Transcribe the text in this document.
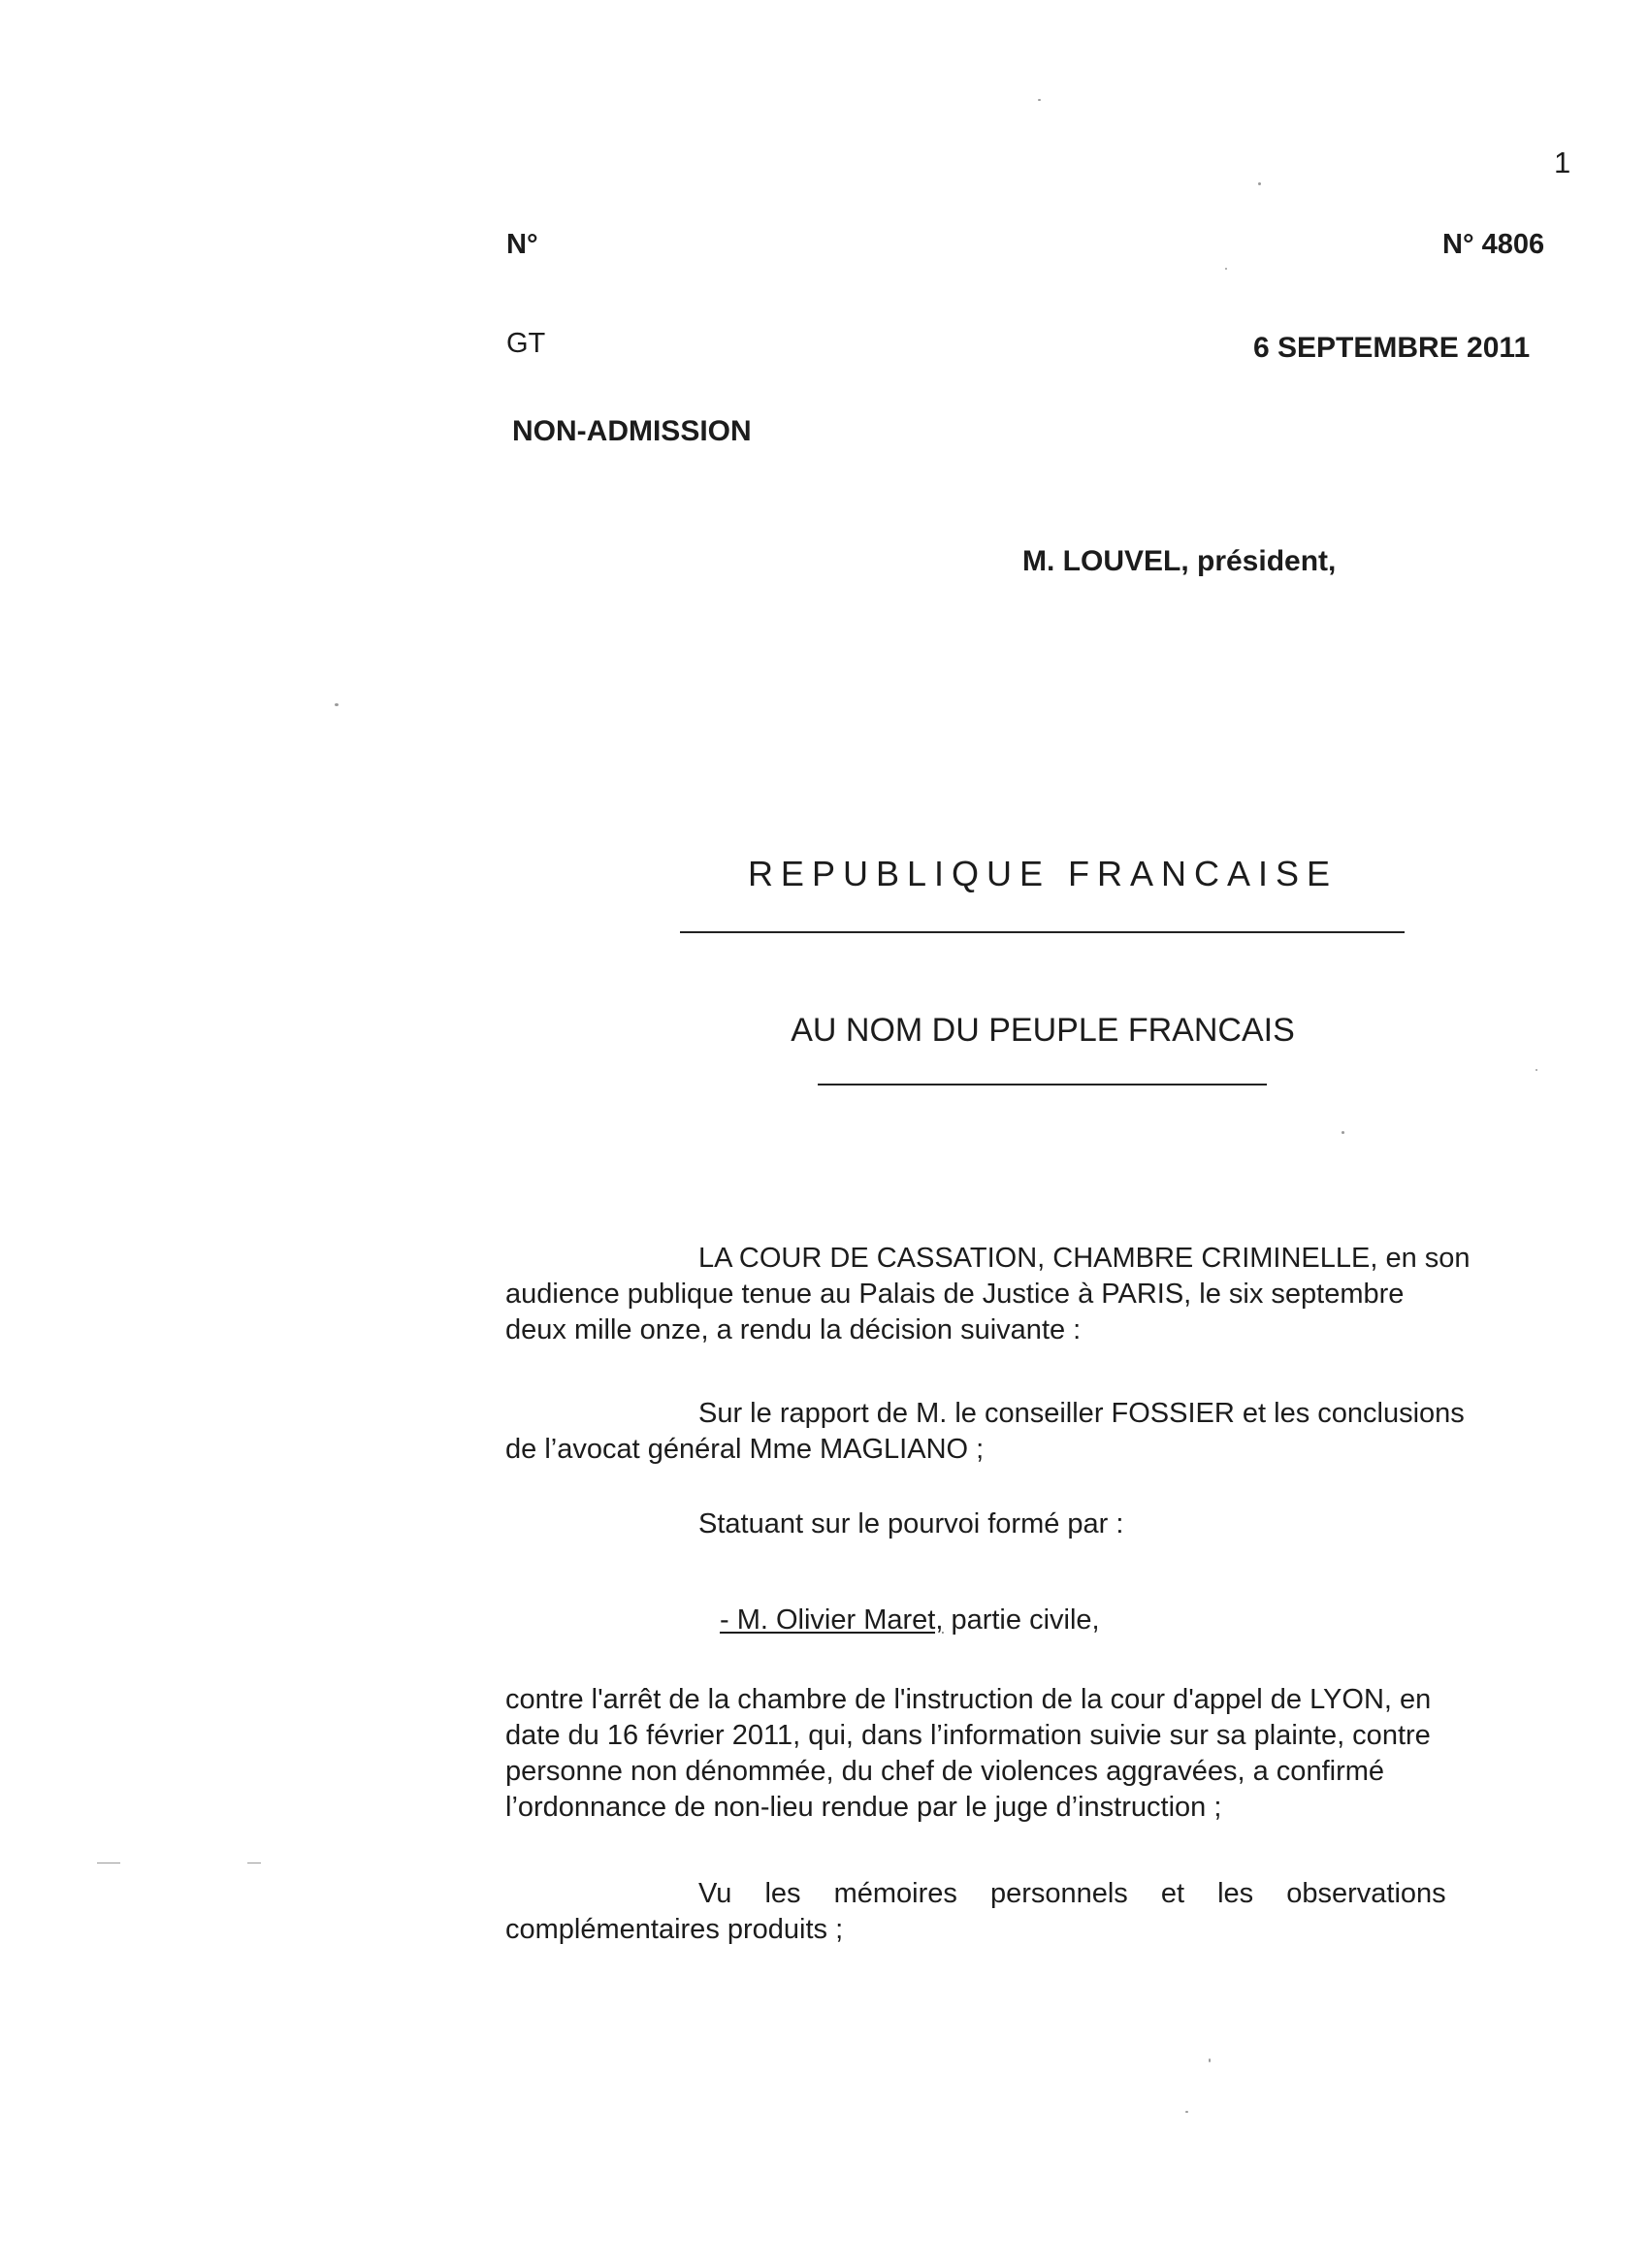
1
N°	N° 4806
GT	6 SEPTEMBRE 2011
NON-ADMISSION
M. LOUVEL, président,
REPUBLIQUE FRANCAISE
AU NOM DU PEUPLE FRANCAIS
LA COUR DE CASSATION, CHAMBRE CRIMINELLE, en son
audience publique tenue au Palais de Justice à PARIS, le six septembre
deux mille onze, a rendu la décision suivante :
Sur le rapport de M. le conseiller FOSSIER et les conclusions
de l’avocat général Mme MAGLIANO ;
Statuant sur le pourvoi formé par :
- M. Olivier Maret, partie civile,
contre l'arrêt de la chambre de l'instruction de la cour d'appel de LYON, en
date du 16 février 2011, qui, dans l’information suivie sur sa plainte, contre
personne non dénommée, du chef de violences aggravées, a confirmé
l’ordonnance de non-lieu rendue par le juge d’instruction ;
Vu les mémoires personnels et les observations
complémentaires produits ;
